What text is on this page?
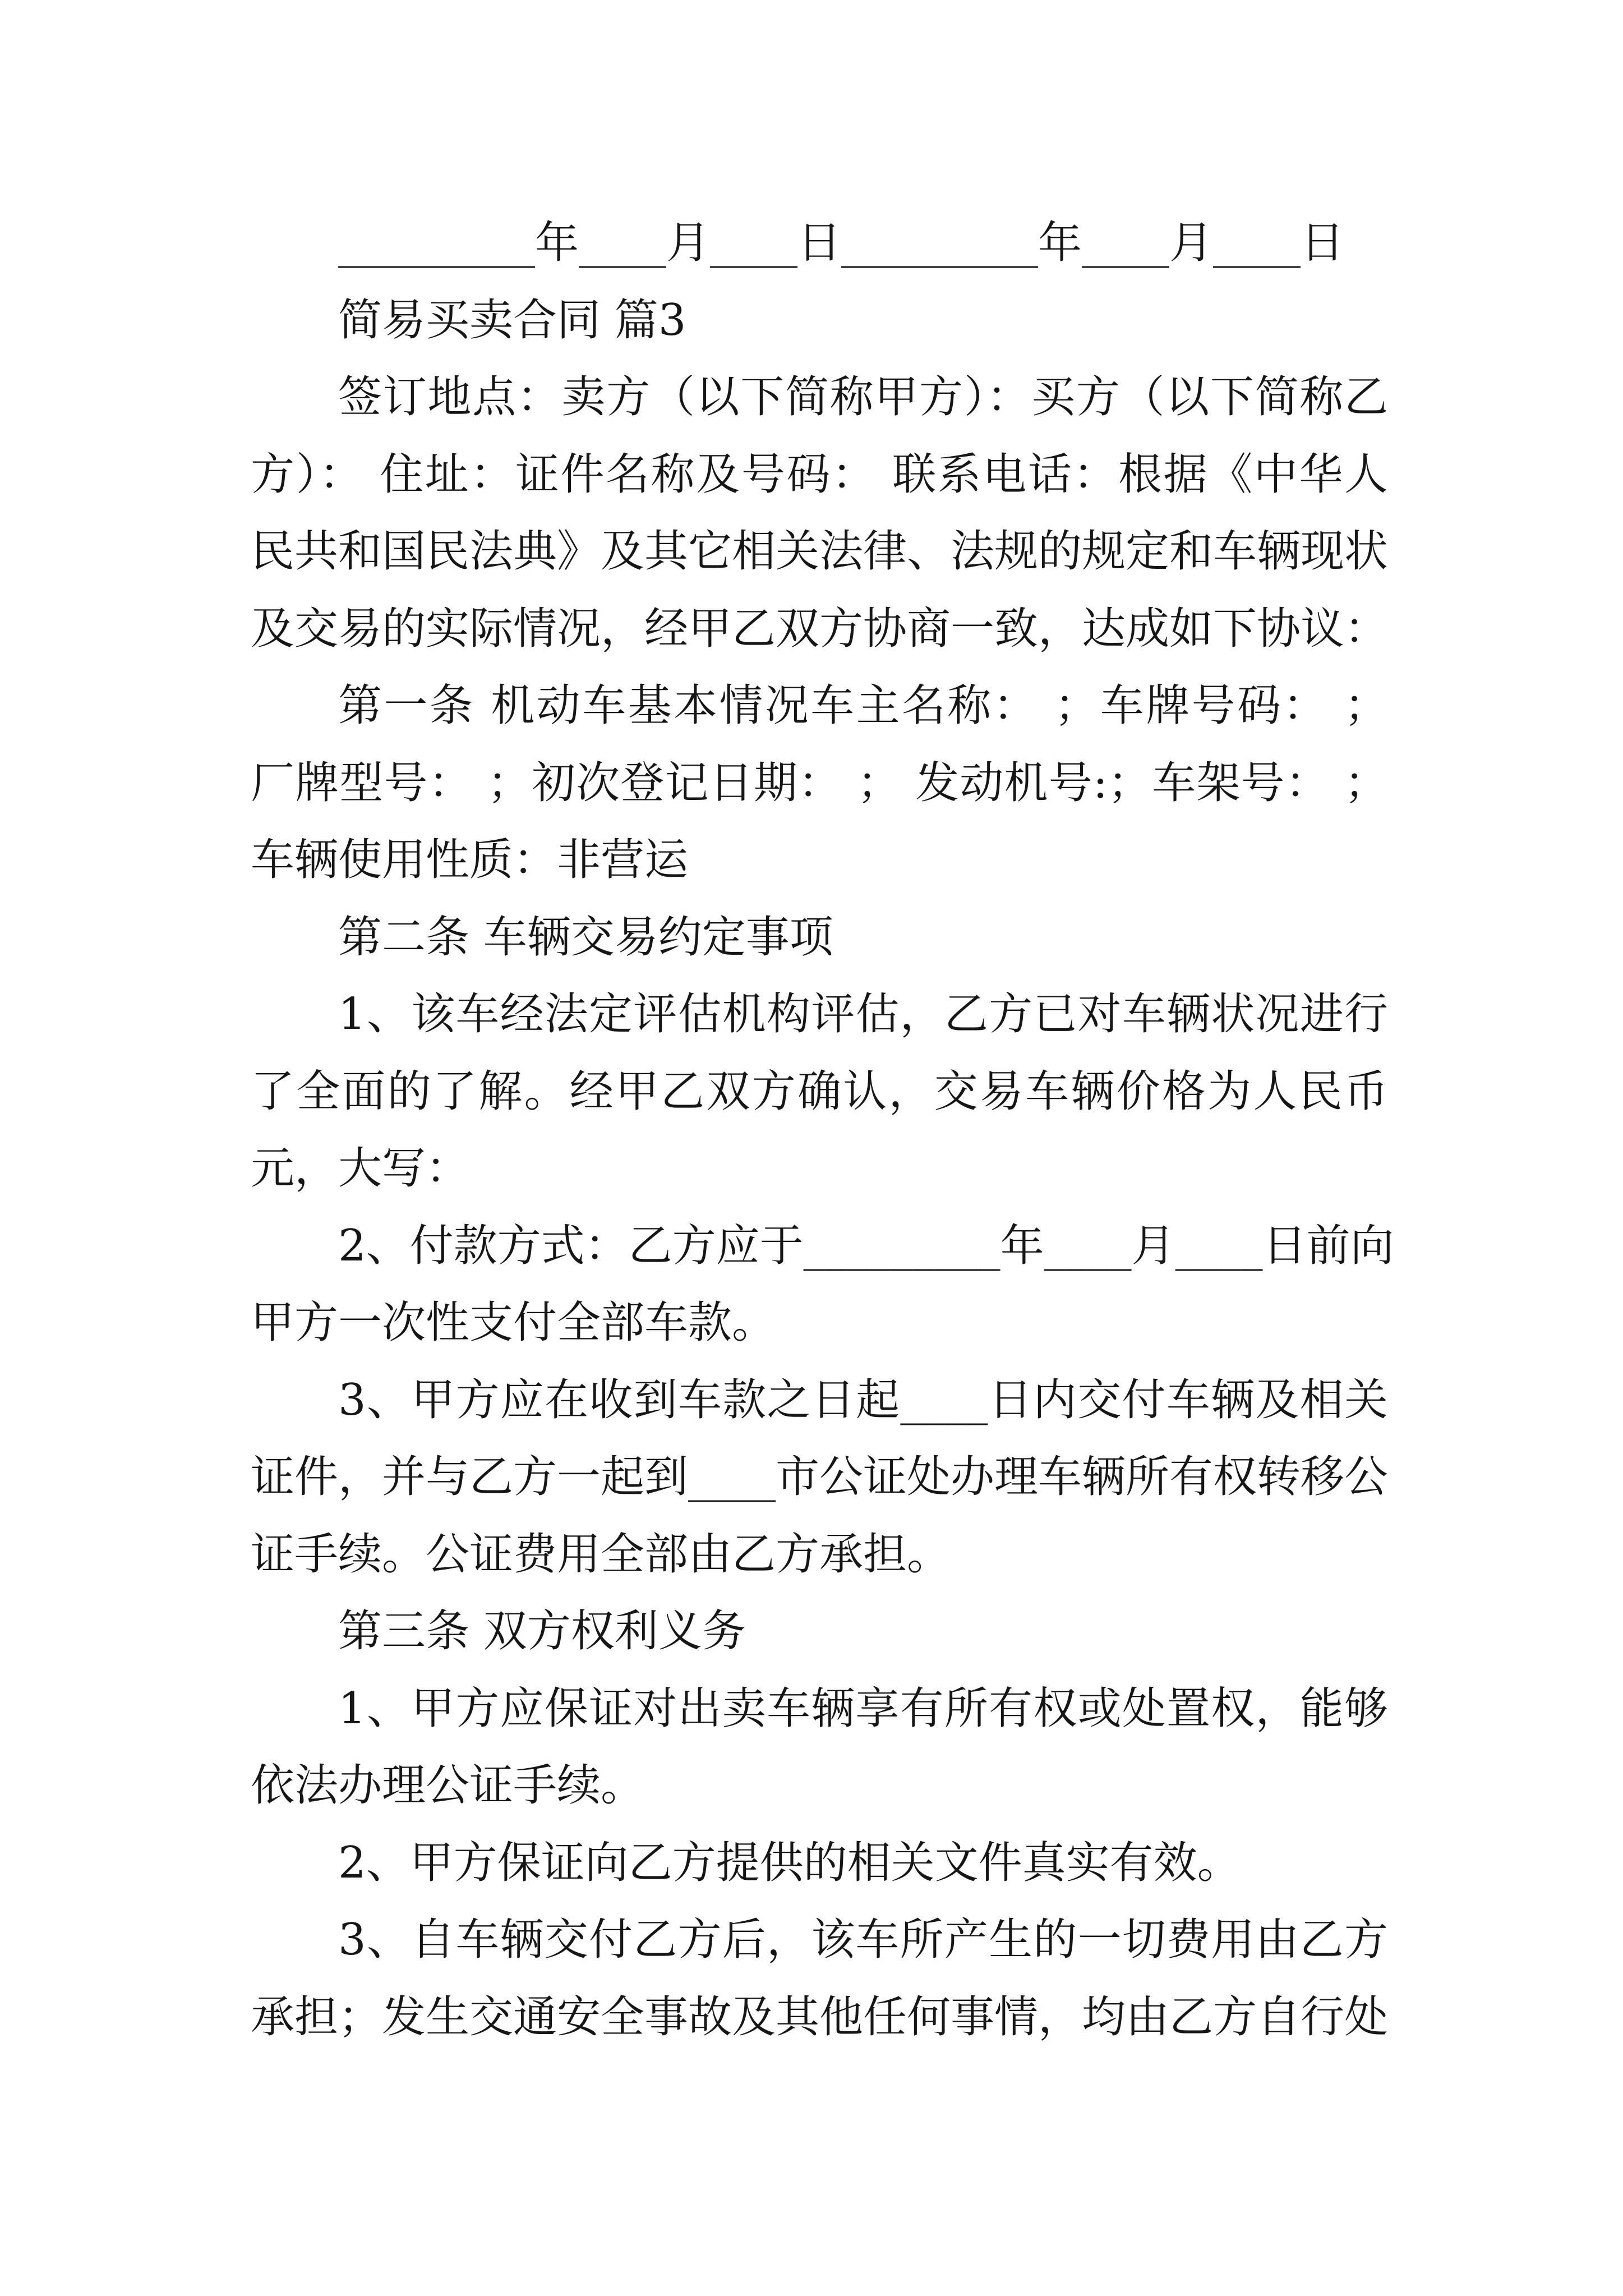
_________年____月____日_________年____月____日
简易买卖合同 篇3
签订地点：卖方（以下简称甲方）：买方（以下简称乙
方）： 住址：证件名称及号码： 联系电话：根据《中华人
民共和国民法典》及其它相关法律、法规的规定和车辆现状
及交易的实际情况，经甲乙双方协商一致，达成如下协议：
第一条 机动车基本情况车主名称： ；车牌号码： ；
厂牌型号： ；初次登记日期： ； 发动机号:；车架号： ；
车辆使用性质：非营运
第二条 车辆交易约定事项
1、该车经法定评估机构评估，乙方已对车辆状况进行
了全面的了解。经甲乙双方确认，交易车辆价格为人民币
元，大写：
2、付款方式：乙方应于_________年____月____日前向
甲方一次性支付全部车款。
3、甲方应在收到车款之日起____日内交付车辆及相关
证件，并与乙方一起到____市公证处办理车辆所有权转移公
证手续。公证费用全部由乙方承担。
第三条 双方权利义务
1、甲方应保证对出卖车辆享有所有权或处置权，能够
依法办理公证手续。
2、甲方保证向乙方提供的相关文件真实有效。
3、自车辆交付乙方后，该车所产生的一切费用由乙方
承担；发生交通安全事故及其他任何事情，均由乙方自行处
